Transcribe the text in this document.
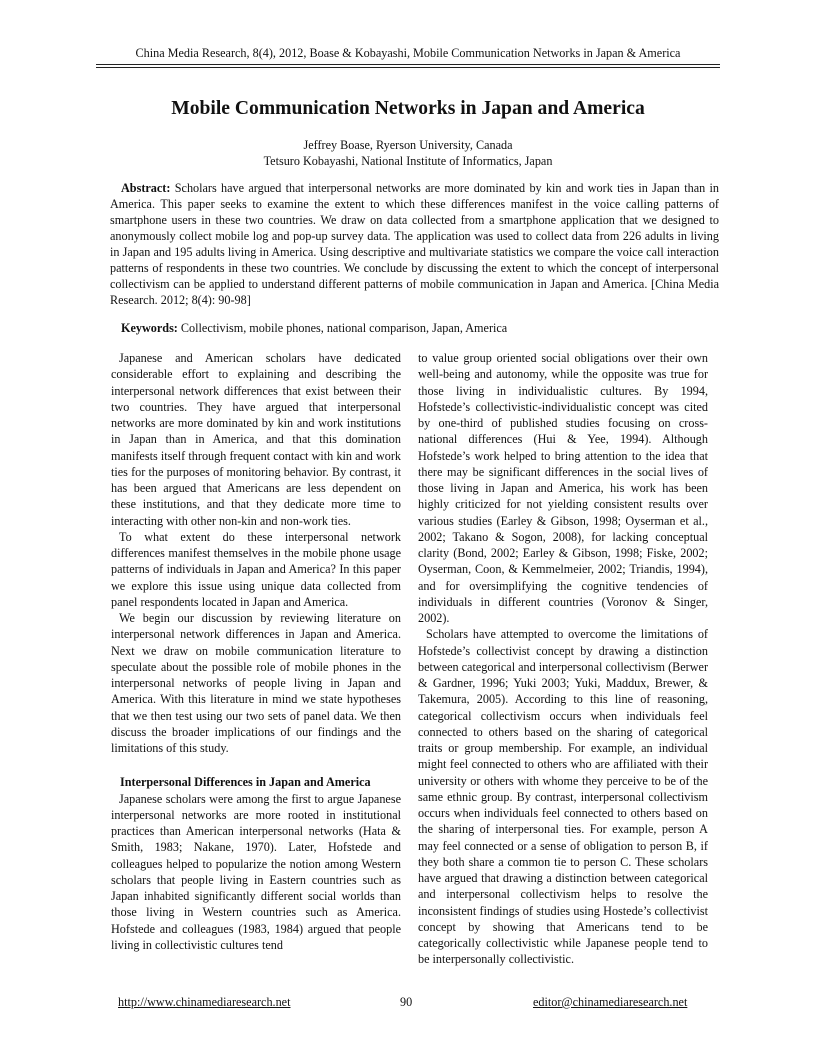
China Media Research, 8(4), 2012, Boase & Kobayashi, Mobile Communication Networks in Japan & America
Mobile Communication Networks in Japan and America
Jeffrey Boase, Ryerson University, Canada
Tetsuro Kobayashi, National Institute of Informatics, Japan

Abstract: Scholars have argued that interpersonal networks are more dominated by kin and work ties in Japan than in America. This paper seeks to examine the extent to which these differences manifest in the voice calling patterns of smartphone users in these two countries. We draw on data collected from a smartphone application that we designed to anonymously collect mobile log and pop-up survey data. The application was used to collect data from 226 adults in living in Japan and 195 adults living in America. Using descriptive and multivariate statistics we compare the voice call interaction patterns of respondents in these two countries. We conclude by discussing the extent to which the concept of interpersonal collectivism can be applied to understand different patterns of mobile communication in Japan and America. [China Media Research. 2012; 8(4): 90-98]

Keywords: Collectivism, mobile phones, national comparison, Japan, America

Japanese and American scholars have dedicated considerable effort to explaining and describing the interpersonal network differences that exist between their two countries. They have argued that interpersonal networks are more dominated by kin and work institutions in Japan than in America, and that this domination manifests itself through frequent contact with kin and work ties for the purposes of monitoring behavior. By contrast, it has been argued that Americans are less dependent on these institutions, and that they dedicate more time to interacting with other non-kin and non-work ties.

To what extent do these interpersonal network differences manifest themselves in the mobile phone usage patterns of individuals in Japan and America? In this paper we explore this issue using unique data collected from panel respondents located in Japan and America.

We begin our discussion by reviewing literature on interpersonal network differences in Japan and America. Next we draw on mobile communication literature to speculate about the possible role of mobile phones in the interpersonal networks of people living in Japan and America. With this literature in mind we state hypotheses that we then test using our two sets of panel data. We then discuss the broader implications of our findings and the limitations of this study.

Interpersonal Differences in Japan and America

Japanese scholars were among the first to argue Japanese interpersonal networks are more rooted in institutional practices than American interpersonal networks (Hata & Smith, 1983; Nakane, 1970). Later, Hofstede and colleagues helped to popularize the notion among Western scholars that people living in Eastern countries such as Japan inhabited significantly different social worlds than those living in Western countries such as America. Hofstede and colleagues (1983, 1984) argued that people living in collectivistic cultures tend

to value group oriented social obligations over their own well-being and autonomy, while the opposite was true for those living in individualistic cultures. By 1994, Hofstede’s collectivistic-individualistic concept was cited by one-third of published studies focusing on cross-national differences (Hui & Yee, 1994). Although Hofstede’s work helped to bring attention to the idea that there may be significant differences in the social lives of those living in Japan and America, his work has been highly criticized for not yielding consistent results over various studies (Earley & Gibson, 1998; Oyserman et al., 2002; Takano & Sogon, 2008), for lacking conceptual clarity (Bond, 2002; Earley & Gibson, 1998; Fiske, 2002; Oyserman, Coon, & Kemmelmeier, 2002; Triandis, 1994), and for oversimplifying the cognitive tendencies of individuals in different countries (Voronov & Singer, 2002).

Scholars have attempted to overcome the limitations of Hofstede’s collectivist concept by drawing a distinction between categorical and interpersonal collectivism (Berwer & Gardner, 1996; Yuki 2003; Yuki, Maddux, Brewer, & Takemura, 2005). According to this line of reasoning, categorical collectivism occurs when individuals feel connected to others based on the sharing of categorical traits or group membership. For example, an individual might feel connected to others who are affiliated with their university or others with whome they perceive to be of the same ethnic group. By contrast, interpersonal collectivism occurs when individuals feel connected to others based on the sharing of interpersonal ties. For example, person A may feel connected or a sense of obligation to person B, if they both share a common tie to person C. These scholars have argued that drawing a distinction between categorical and interpersonal collectivism helps to resolve the inconsistent findings of studies using Hostede’s collectivist concept by showing that Americans tend to be categorically collectivistic while Japanese people tend to be interpersonally collectivistic.

http://www.chinamediaresearch.net	90	editor@chinamediaresearch.net
